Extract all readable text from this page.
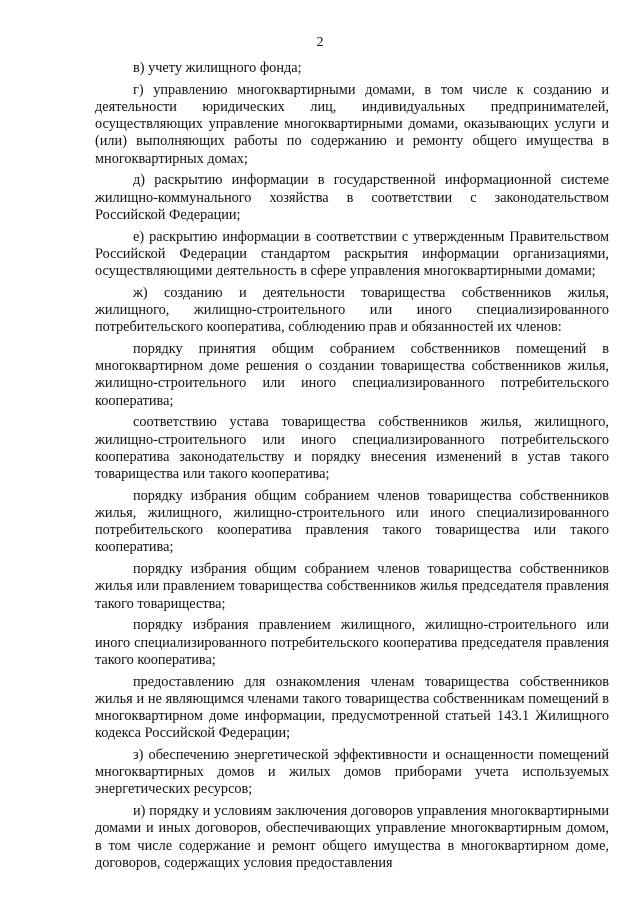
2

в) учету жилищного фонда;

г) управлению многоквартирными домами, в том числе к созданию и деятельности юридических лиц, индивидуальных предпринимателей, осуществляющих управление многоквартирными домами, оказывающих услуги и (или) выполняющих работы по содержанию и ремонту общего имущества в многоквартирных домах;

д) раскрытию информации в государственной информационной системе жилищно-коммунального хозяйства в соответствии с законодательством Российской Федерации;

е) раскрытию информации в соответствии с утвержденным Правительством Российской Федерации стандартом раскрытия информации организациями, осуществляющими деятельность в сфере управления многоквартирными домами;

ж) созданию и деятельности товарищества собственников жилья, жилищного, жилищно-строительного или иного специализированного потребительского кооператива, соблюдению прав и обязанностей их членов:

порядку принятия общим собранием собственников помещений в многоквартирном доме решения о создании товарищества собственников жилья, жилищно-строительного или иного специализированного потребительского кооператива;

соответствию устава товарищества собственников жилья, жилищного, жилищно-строительного или иного специализированного потребительского кооператива законодательству и порядку внесения изменений в устав такого товарищества или такого кооператива;

порядку избрания общим собранием членов товарищества собственников жилья, жилищного, жилищно-строительного или иного специализированного потребительского кооператива правления такого товарищества или такого кооператива;

порядку избрания общим собранием членов товарищества собственников жилья или правлением товарищества собственников жилья председателя правления такого товарищества;

порядку избрания правлением жилищного, жилищно-строительного или иного специализированного потребительского кооператива председателя правления такого кооператива;

предоставлению для ознакомления членам товарищества собственников жилья и не являющимся членами такого товарищества собственникам помещений в многоквартирном доме информации, предусмотренной статьей 143.1 Жилищного кодекса Российской Федерации;

з) обеспечению энергетической эффективности и оснащенности помещений многоквартирных домов и жилых домов приборами учета используемых энергетических ресурсов;

и) порядку и условиям заключения договоров управления многоквартирными домами и иных договоров, обеспечивающих управление многоквартирным домом, в том числе содержание и ремонт общего имущества в многоквартирном доме, договоров, содержащих условия предоставления
